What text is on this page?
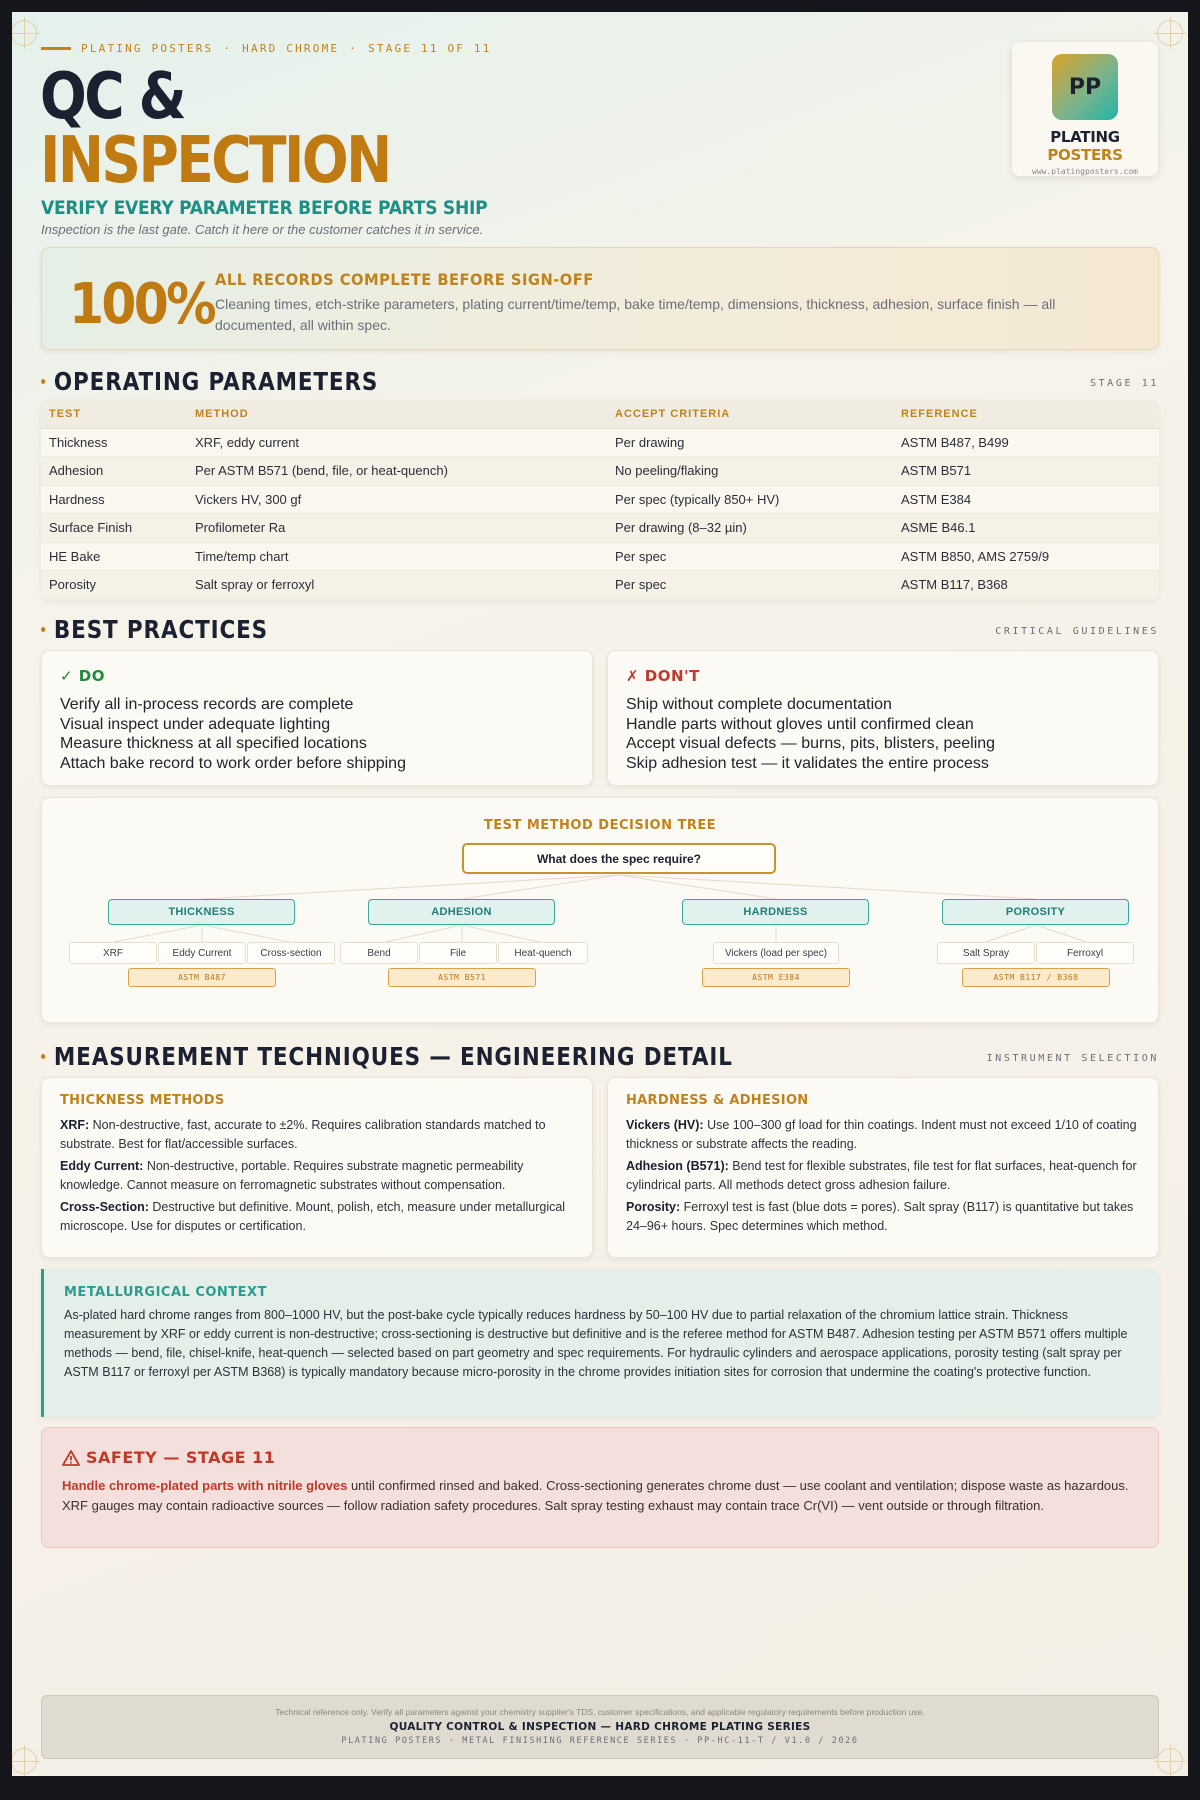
PLATING POSTERS · HARD CHROME · STAGE 11 OF 11
QC &
INSPECTION
VERIFY EVERY PARAMETER BEFORE PARTS SHIP
Inspection is the last gate. Catch it here or the customer catches it in service.
PP
PLATING POSTERS
www.platingposters.com
100% ALL RECORDS COMPLETE BEFORE SIGN-OFF
Cleaning times, etch-strike parameters, plating current/time/temp, bake time/temp, dimensions, thickness, adhesion, surface finish — all documented, all within spec.
OPERATING PARAMETERS	STAGE 11
TEST	METHOD	ACCEPT CRITERIA	REFERENCE
Thickness	XRF, eddy current	Per drawing	ASTM B487, B499
Adhesion	Per ASTM B571 (bend, file, or heat-quench)	No peeling/flaking	ASTM B571
Hardness	Vickers HV, 300 gf	Per spec (typically 850+ HV)	ASTM E384
Surface Finish	Profilometer Ra	Per drawing (8–32 µin)	ASME B46.1
HE Bake	Time/temp chart	Per spec	ASTM B850, AMS 2759/9
Porosity	Salt spray or ferroxyl	Per spec	ASTM B117, B368
BEST PRACTICES	CRITICAL GUIDELINES
✓ DO
Verify all in-process records are complete
Visual inspect under adequate lighting
Measure thickness at all specified locations
Attach bake record to work order before shipping
✗ DON'T
Ship without complete documentation
Handle parts without gloves until confirmed clean
Accept visual defects — burns, pits, blisters, peeling
Skip adhesion test — it validates the entire process
TEST METHOD DECISION TREE
What does the spec require?
THICKNESS	ADHESION	HARDNESS	POROSITY
XRF	Eddy Current	Cross-section	Bend	File	Heat-quench	Vickers (load per spec)	Salt Spray	Ferroxyl
ASTM B487	ASTM B571	ASTM E384	ASTM B117 / B368
MEASUREMENT TECHNIQUES — ENGINEERING DETAIL	INSTRUMENT SELECTION
THICKNESS METHODS
XRF: Non-destructive, fast, accurate to ±2%. Requires calibration standards matched to substrate. Best for flat/accessible surfaces.
Eddy Current: Non-destructive, portable. Requires substrate magnetic permeability knowledge. Cannot measure on ferromagnetic substrates without compensation.
Cross-Section: Destructive but definitive. Mount, polish, etch, measure under metallurgical microscope. Use for disputes or certification.
HARDNESS & ADHESION
Vickers (HV): Use 100–300 gf load for thin coatings. Indent must not exceed 1/10 of coating thickness or substrate affects the reading.
Adhesion (B571): Bend test for flexible substrates, file test for flat surfaces, heat-quench for cylindrical parts. All methods detect gross adhesion failure.
Porosity: Ferroxyl test is fast (blue dots = pores). Salt spray (B117) is quantitative but takes 24–96+ hours. Spec determines which method.
METALLURGICAL CONTEXT
As-plated hard chrome ranges from 800–1000 HV, but the post-bake cycle typically reduces hardness by 50–100 HV due to partial relaxation of the chromium lattice strain. Thickness measurement by XRF or eddy current is non-destructive; cross-sectioning is destructive but definitive and is the referee method for ASTM B487. Adhesion testing per ASTM B571 offers multiple methods — bend, file, chisel-knife, heat-quench — selected based on part geometry and spec requirements. For hydraulic cylinders and aerospace applications, porosity testing (salt spray per ASTM B117 or ferroxyl per ASTM B368) is typically mandatory because micro-porosity in the chrome provides initiation sites for corrosion that undermine the coating's protective function.
SAFETY — STAGE 11
Handle chrome-plated parts with nitrile gloves until confirmed rinsed and baked. Cross-sectioning generates chrome dust — use coolant and ventilation; dispose waste as hazardous. XRF gauges may contain radioactive sources — follow radiation safety procedures. Salt spray testing exhaust may contain trace Cr(VI) — vent outside or through filtration.
Technical reference only. Verify all parameters against your chemistry supplier's TDS, customer specifications, and applicable regulatory requirements before production use.
QUALITY CONTROL & INSPECTION — HARD CHROME PLATING SERIES
PLATING POSTERS · METAL FINISHING REFERENCE SERIES · PP-HC-11-T / V1.0 / 2026
